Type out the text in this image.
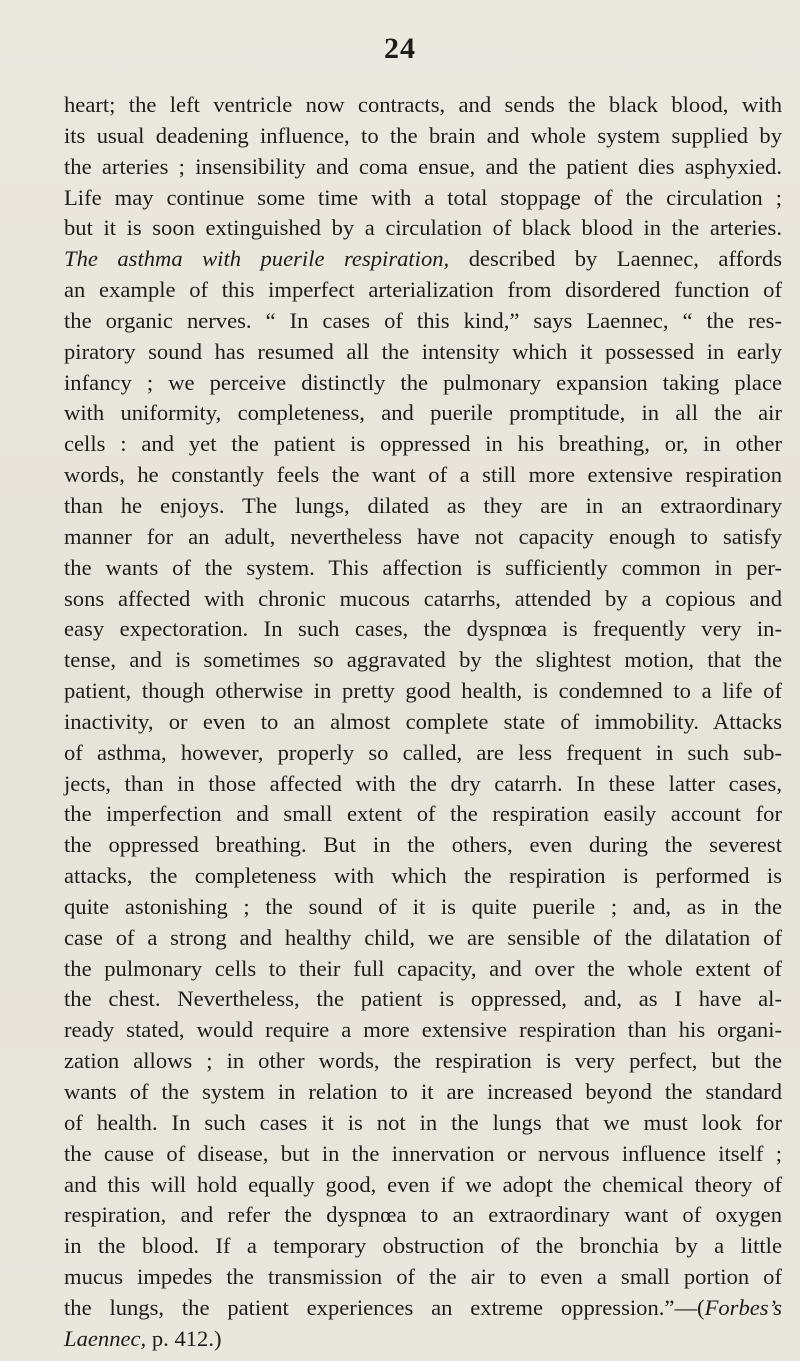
24
heart; the left ventricle now contracts, and sends the black blood, with
its usual deadening influence, to the brain and whole system supplied by
the arteries ; insensibility and coma ensue, and the patient dies asphyxied.
Life may continue some time with a total stoppage of the circulation ;
but it is soon extinguished by a circulation of black blood in the arteries.
The asthma with puerile respiration, described by Laennec, affords
an example of this imperfect arterialization from disordered function of
the organic nerves. “ In cases of this kind,” says Laennec, “ the res-
piratory sound has resumed all the intensity which it possessed in early
infancy ; we perceive distinctly the pulmonary expansion taking place
with uniformity, completeness, and puerile promptitude, in all the air
cells : and yet the patient is oppressed in his breathing, or, in other
words, he constantly feels the want of a still more extensive respiration
than he enjoys. The lungs, dilated as they are in an extraordinary
manner for an adult, nevertheless have not capacity enough to satisfy
the wants of the system. This affection is sufficiently common in per-
sons affected with chronic mucous catarrhs, attended by a copious and
easy expectoration. In such cases, the dyspnœa is frequently very in-
tense, and is sometimes so aggravated by the slightest motion, that the
patient, though otherwise in pretty good health, is condemned to a life of
inactivity, or even to an almost complete state of immobility. Attacks
of asthma, however, properly so called, are less frequent in such sub-
jects, than in those affected with the dry catarrh. In these latter cases,
the imperfection and small extent of the respiration easily account for
the oppressed breathing. But in the others, even during the severest
attacks, the completeness with which the respiration is performed is
quite astonishing ; the sound of it is quite puerile ; and, as in the
case of a strong and healthy child, we are sensible of the dilatation of
the pulmonary cells to their full capacity, and over the whole extent of
the chest. Nevertheless, the patient is oppressed, and, as I have al-
ready stated, would require a more extensive respiration than his organi-
zation allows ; in other words, the respiration is very perfect, but the
wants of the system in relation to it are increased beyond the standard
of health. In such cases it is not in the lungs that we must look for
the cause of disease, but in the innervation or nervous influence itself ;
and this will hold equally good, even if we adopt the chemical theory of
respiration, and refer the dyspnœa to an extraordinary want of oxygen
in the blood. If a temporary obstruction of the bronchia by a little
mucus impedes the transmission of the air to even a small portion of
the lungs, the patient experiences an extreme oppression.”—(Forbes’s
Laennec, p. 412.)
